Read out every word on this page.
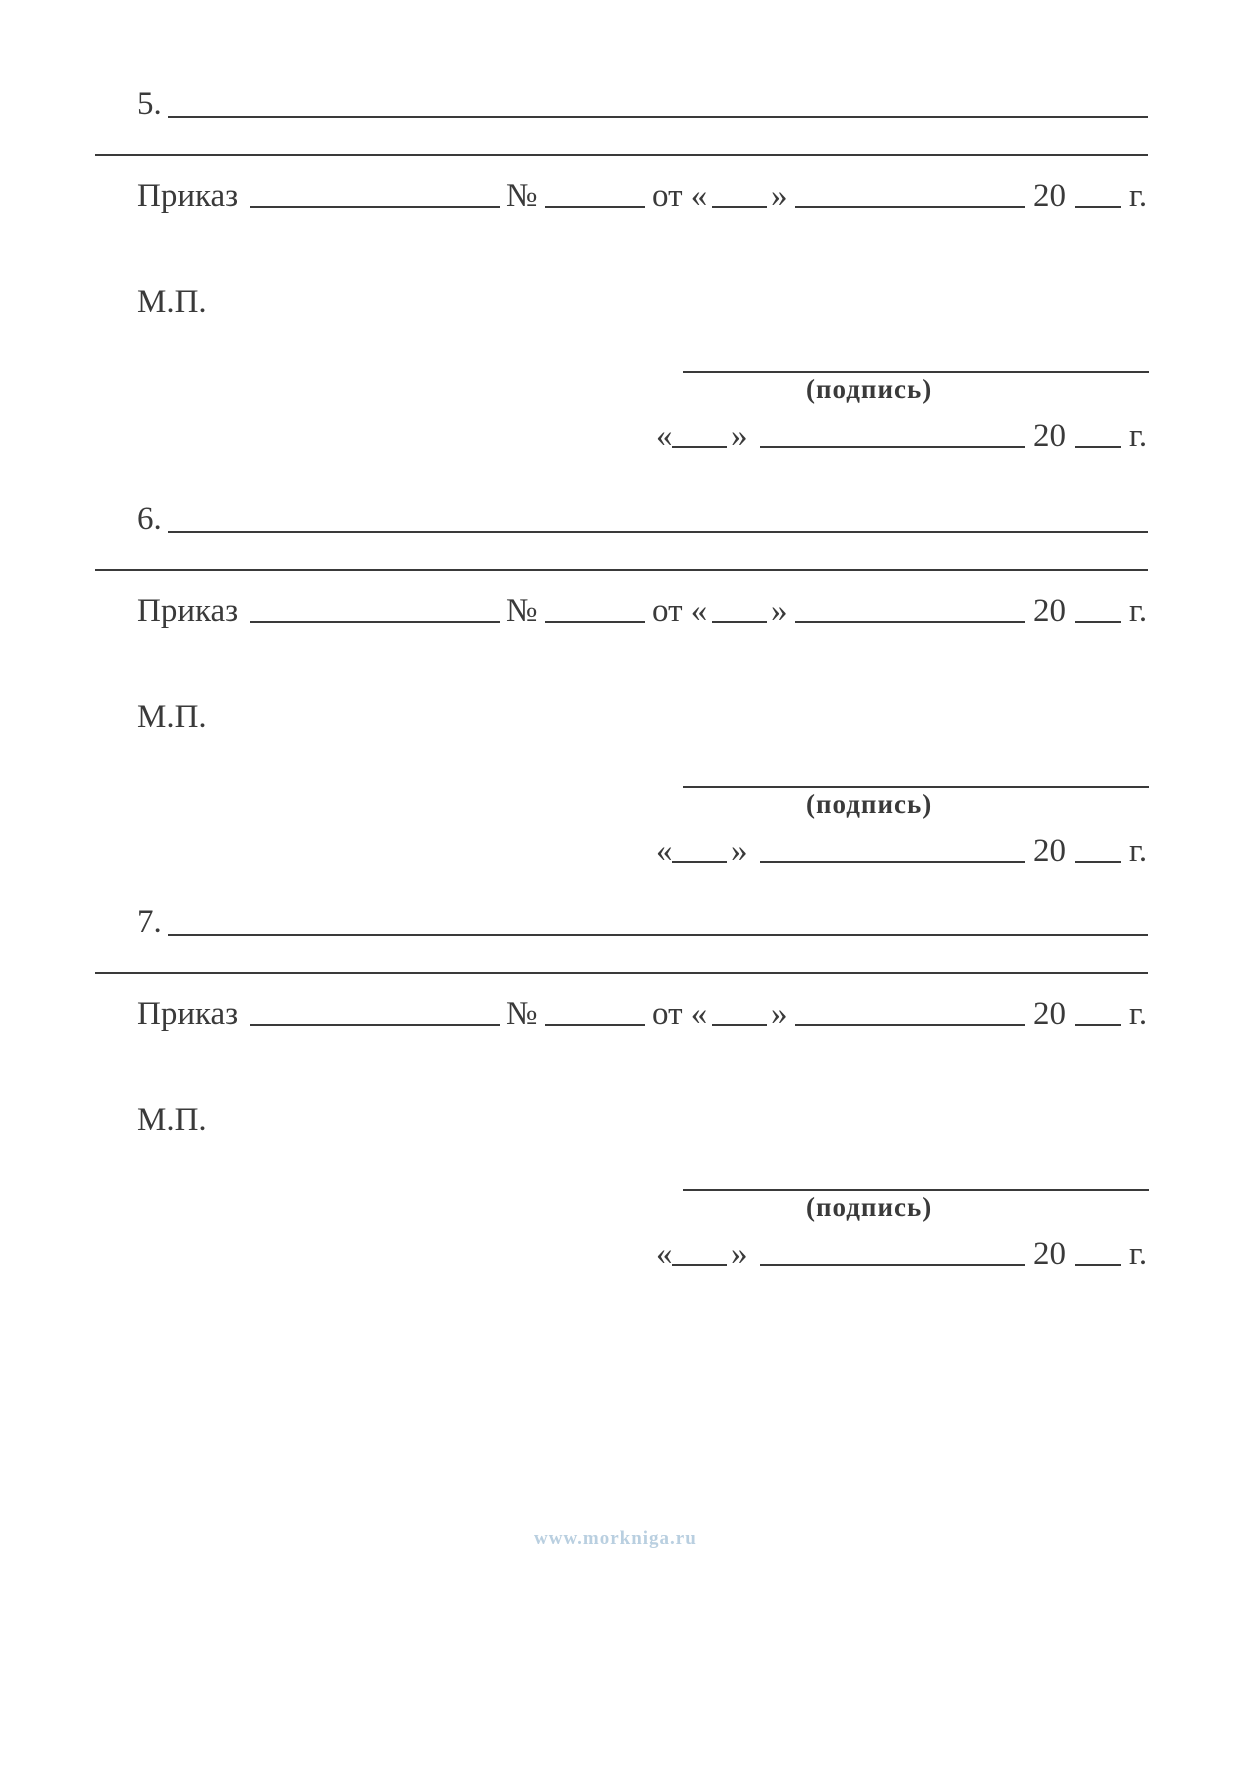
5.
Приказ	№	от « »	20 г.
М.П.
(подпись)
« »	20 г.
6.
Приказ	№	от « »	20 г.
М.П.
(подпись)
« »	20 г.
7.
Приказ	№	от « »	20 г.
М.П.
(подпись)
« »	20 г.
www.morkniga.ru
